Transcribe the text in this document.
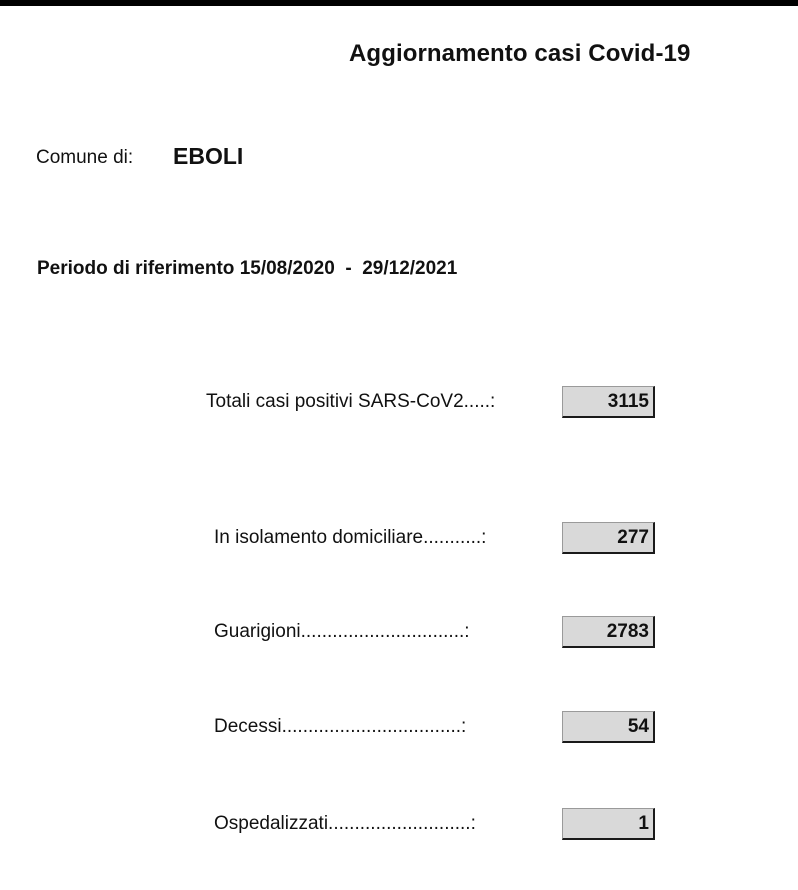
Aggiornamento casi Covid-19
Comune di: EBOLI
Periodo di riferimento 15/08/2020  -  29/12/2021
Totali casi positivi SARS-CoV2.....:	3115
In isolamento domiciliare...........:	277
Guarigioni...............................:	2783
Decessi..................................:	54
Ospedalizzati...........................:	1
